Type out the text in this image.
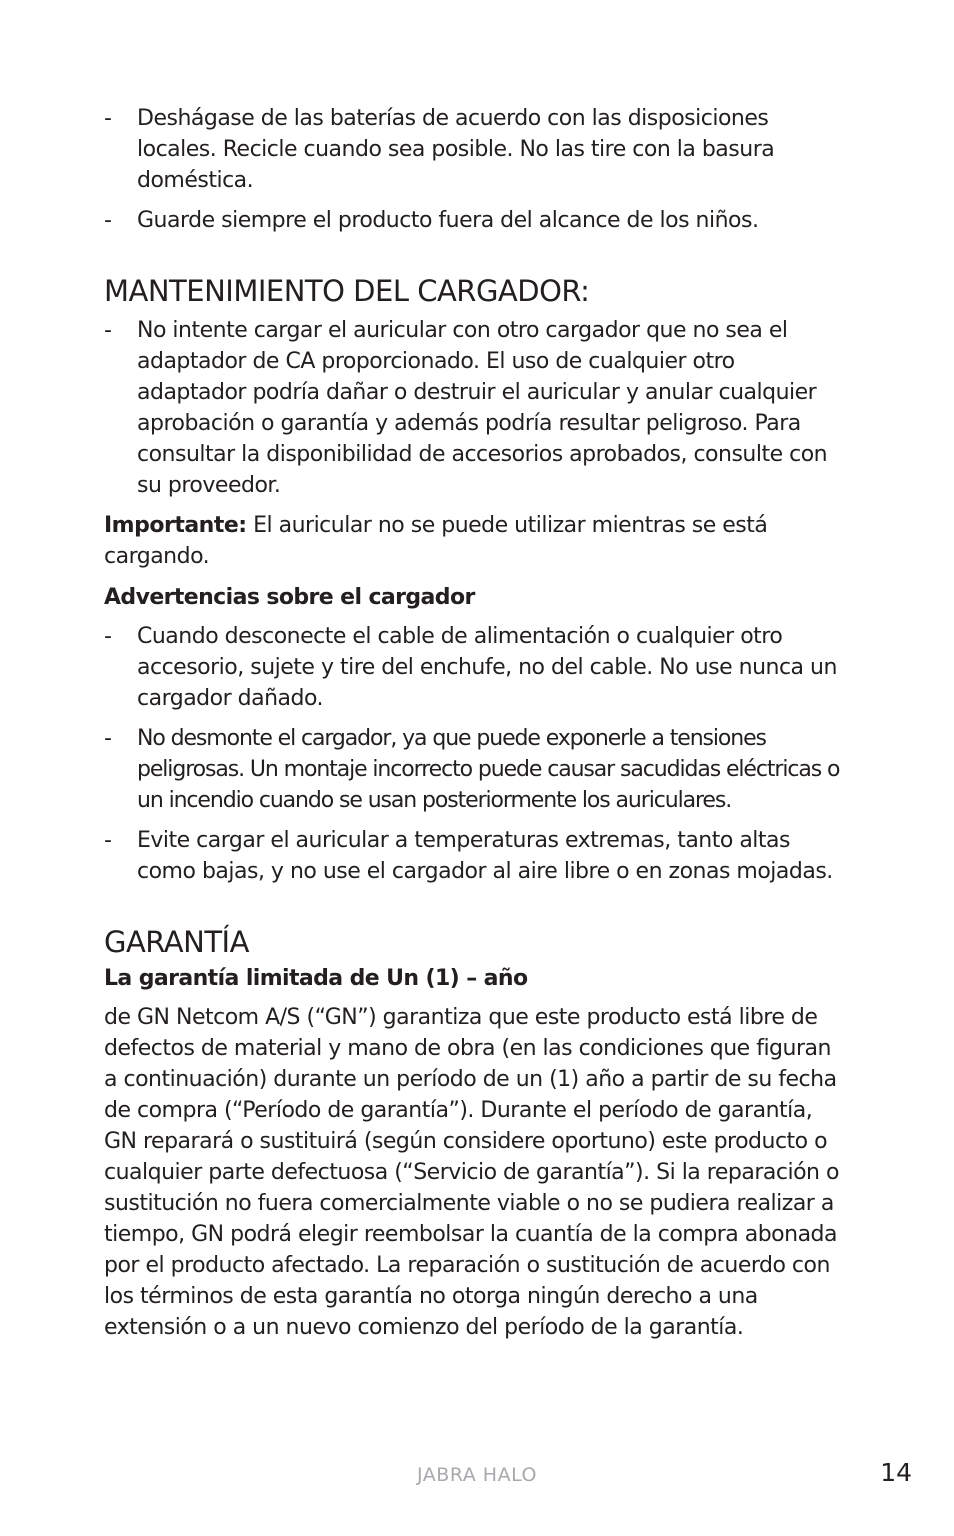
- Deshágase de las baterías de acuerdo con las disposiciones locales. Recicle cuando sea posible. No las tire con la basura doméstica.
- Guarde siempre el producto fuera del alcance de los niños.
MANTENIMIENTO DEL CARGADOR:
- No intente cargar el auricular con otro cargador que no sea el adaptador de CA proporcionado. El uso de cualquier otro adaptador podría dañar o destruir el auricular y anular cualquier aprobación o garantía y además podría resultar peligroso. Para consultar la disponibilidad de accesorios aprobados, consulte con su proveedor.

Importante: El auricular no se puede utilizar mientras se está cargando.

Advertencias sobre el cargador
- Cuando desconecte el cable de alimentación o cualquier otro accesorio, sujete y tire del enchufe, no del cable. No use nunca un cargador dañado.
- No desmonte el cargador, ya que puede exponerle a tensiones peligrosas. Un montaje incorrecto puede causar sacudidas eléctricas o un incendio cuando se usan posteriormente los auriculares.
- Evite cargar el auricular a temperaturas extremas, tanto altas como bajas, y no use el cargador al aire libre o en zonas mojadas.
GARANTÍA
La garantía limitada de Un (1) – año

de GN Netcom A/S (“GN”) garantiza que este producto está libre de defectos de material y mano de obra (en las condiciones que figuran a continuación) durante un período de un (1) año a partir de su fecha de compra (“Período de garantía”). Durante el período de garantía, GN reparará o sustituirá (según considere oportuno) este producto o cualquier parte defectuosa (“Servicio de garantía”). Si la reparación o sustitución no fuera comercialmente viable o no se pudiera realizar a tiempo, GN podrá elegir reembolsar la cuantía de la compra abonada por el producto afectado. La reparación o sustitución de acuerdo con los términos de esta garantía no otorga ningún derecho a una extensión o a un nuevo comienzo del período de la garantía.

JABRA HALO	14
